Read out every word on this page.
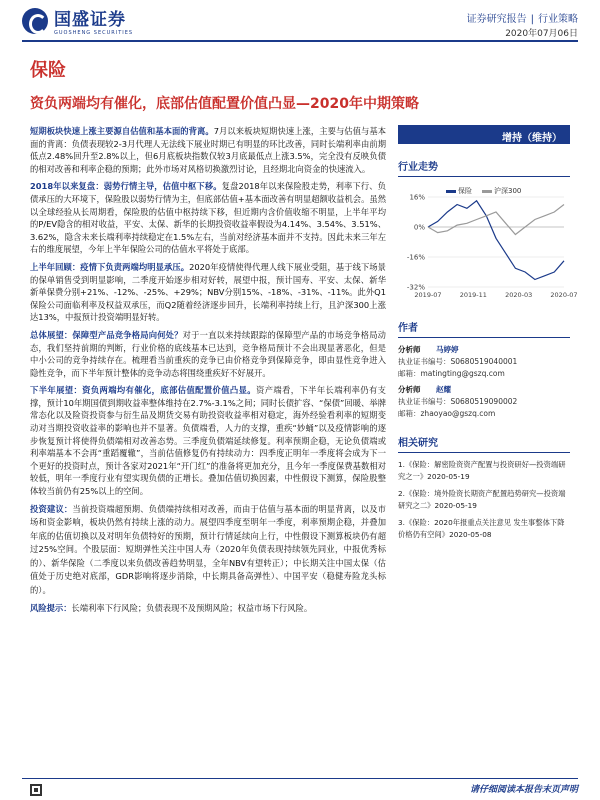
国盛证券
GUOSHENG SECURITIES
证券研究报告 | 行业策略
2020年07月06日
保险
资负两端均有催化，底部估值配置价值凸显—2020年中期策略

短期板块快速上涨主要源自估值和基本面的背离。7月以来板块短期快速上涨，主要与估值与基本面的背离：负债表现较2-3月代理人无法线下展业时期已有明显的环比改善，同时长端利率由前期低点2.48%回升至2.8%以上，但6月底板块指数仅较3月底最低点上涨3.5%，完全没有反映负债的相对改善和利率企稳的预期；此外市场对风格切换激烈讨论，且经期北向资金的快速流入。

2018年以来复盘：弱势行情主导，估值中枢下移。复盘2018年以来保险股走势，利率下行、负债承压的大环境下，保险股以弱势行情为主，但底部估值+基本面改善有明显超额收益机会。虽然以全球经验从长周期看，保险股的估值中枢持续下移，但近期内含价值收缩不明显，上半年平均的P/EV隐含的相对收益，平安、太保、新华的长期投资收益率假设为4.14%、3.54%、3.51%、3.62%，隐含未来长端利率持续稳定在1.5%左右，当前对经济基本面并不支持。因此未来三年左右的维度展望，今年上半年保险公司的估值水平将处于底部。

上半年回顾：疫情下负责两端均明显承压。2020年疫情使得代理人线下展业受阻，基于线下场景的保单销售受到明显影响，二季度开始逐步相对好转，展望中报，预计国寿、平安、太保、新华新单保费分别+21%、-12%、-25%、+29%；NBV分别15%、-18%、-31%、-11%。此外Q1保险公司面临利率及权益双承压，而Q2随着经济逐步回升，长端利率持续上行，且沪深300上涨达13%，中报预计投资端明显好转。

总体展望：保障型产品竞争格局向何处？对于一直以来持续跟踪的保障型产品的市场竞争格局动态，我们坚持前期的判断，行业价格的底线基本已达到，竞争格局预计不会出现显著恶化，但是中小公司的竞争持续存在。梳理看当前重疾的竞争已由价格竞争到保障竞争，即由显性竞争进入隐性竞争，而下半年预计整体的竞争动态将围绕重疾好不好展开。

下半年展望：资负两端均有催化，底部估值配置价值凸显。资产端看，下半年长端利率仍有支撑，预计10年期国债到期收益率整体维持在2.7%-3.1%之间；同时长债扩容、“保债”回暖、举牌常态化以及险资投资参与衍生品及期货交易有助投资收益率相对稳定，海外经验看利率的短期变动对当期投资收益率的影响也并不显著。负债端看，人力的支撑，重疾“妙蛹”以及疫情影响的逐步恢复预计将使得负债端相对改善态势。三季度负债端延续修复。利率预期企稳，无论负债端或利率端基本不会再“重蹈覆辙”，当前估值修复仍有持续动力：四季度正明年一季度将会成为下一个更好的投资时点，预计各家对2021年“开门红”的准备将更加充分，且今年一季度保费基数相对较低，明年一季度行业有望实现负债的正增长。叠加估值切换因素，中性假设下测算，保险股整体较当前仍有25%以上的空间。

投资建议：当前投资端超预期、负债端持续相对改善，而由于估值与基本面的明显背离，以及市场和资金影响，板块仍然有持续上涨的动力。展望四季度至明年一季度，利率预期企稳，并叠加年底的估值切换以及对明年负债特好的预期，预计行情延续向上行，中性假设下测算板块仍有超过25%空间。个股层面：短期弹性关注中国人寿（2020年负债表现持续领先同业，中报优秀标的）、新华保险（二季度以来负债改善趋势明显，全年NBV有望转正）；中长期关注中国太保（估值处于历史绝对底部，GDR影响将逐步消除，中长期具备高弹性）、中国平安（稳健寿险龙头标的）。

风险提示：长端利率下行风险；负债表现不及预期风险；权益市场下行风险。

增持（维持）
行业走势
16%
0%
-16%
-32%
2019-07	2019-11	2020-03	2020-07
保险	沪深300
作者
分析师	马婷婷
执业证书编号： S0680519040001
邮箱： matingting@gszq.com
分析师	赵耀
执业证书编号： S0680519090002
邮箱： zhaoyao@gszq.com
相关研究
1.《保险：解密险资资产配置与投资研好—投资端研究之一》2020-05-19
2.《保险：境外险资长期资产配置趋势研究—投资端研究之二》2020-05-19
3.《保险：2020年报重点关注意见 发生事整体下降价格仍有空间》2020-05-08
请仔细阅读本报告末页声明
